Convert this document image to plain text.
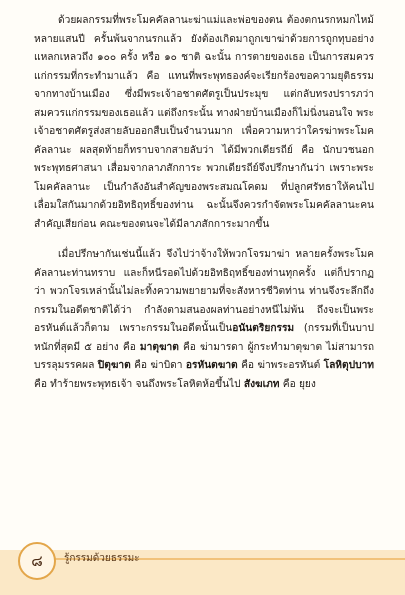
ด้วยผลกรรมที่พระโมคคัลลานะฆ่าแม่และพ่อของตน ต้องตกนรกหมกไหม้หลายแสนปี ครั้นพ้นจากนรกแล้ว ยังต้องเกิดมาถูกเขาฆ่าด้วยการถูกทุบอย่างแหลกเหลวถึง ๑๐๐ ครั้ง หรือ ๑๐ ชาติ ฉะนั้น การตายของเธอ เป็นการสมควรแก่กรรมที่กระทำมาแล้ว คือ แทนที่พระพุทธองค์จะเรียกร้องขอความยุติธรรมจากทางบ้านเมือง ซึ่งมีพระเจ้าอชาตศัตรูเป็นประมุข แต่กลับทรงปรารภว่า สมควรแก่กรรมของเธอแล้ว แต่ถึงกระนั้น ทางฝ่ายบ้านเมืองก็ไม่นิ่งนอนใจ พระเจ้าอชาตศัตรูส่งสายลับออกสืบเป็นจำนวนมาก เพื่อความหาว่าใครฆ่าพระโมคคัลลานะ ผลสุดท้ายก็ทราบจากสายลับว่า ได้มีพวกเดียรถีย์ คือ นักบวชนอกพระพุทธศาสนา เสื่อมจากลาภสักการะ พวกเดียรถีย์จึงปรึกษากันว่า เพราะพระโมคคัลลานะ เป็นกำลังอันสำคัญของพระสมณโคดม ที่ปลูกศรัทธาให้คนไปเลื่อมใสกันมากด้วยอิทธิฤทธิ์ของท่าน ฉะนั้นจึงควรกำจัดพระโมคคัลลานะคนสำคัญเสียก่อน คณะของตนจะได้มีลาภสักการะมากขึ้น

เมื่อปรึกษากันเช่นนี้แล้ว จึงไปว่าจ้างให้พวกโจรมาฆ่า หลายครั้งพระโมคคัลลานะท่านทราบ และก็หนีรอดไปด้วยอิทธิฤทธิ์ของท่านทุกครั้ง แต่ก็ปรากฏว่า พวกโจรเหล่านั้นไม่ละทิ้งความพยายามที่จะสังหารชีวิตท่าน ท่านจึงระลึกถึงกรรมในอดีตชาติได้ว่า กำลังตามสนองผลท่านอย่างหนีไม่พ้น ถึงจะเป็นพระอรหันต์แล้วก็ตาม เพราะกรรมในอดีตนั้นเป็นอนันตริยกรรม (กรรมที่เป็นบาปหนักที่สุดมี ๕ อย่าง คือ มาตุฆาต คือ ฆ่ามารดา ผู้กระทำมาตุฆาต ไม่สามารถบรรลุมรรคผล ปิตุฆาต คือ ฆ่าบิดา อรหันตฆาต คือ ฆ่าพระอรหันต์ โลหิตุปบาท คือ ทำร้ายพระพุทธเจ้า จนถึงพระโลหิตห้อขึ้นไป สังฆเภท คือ ยุยง

๘ รู้กรรมด้วยธรรมะ
